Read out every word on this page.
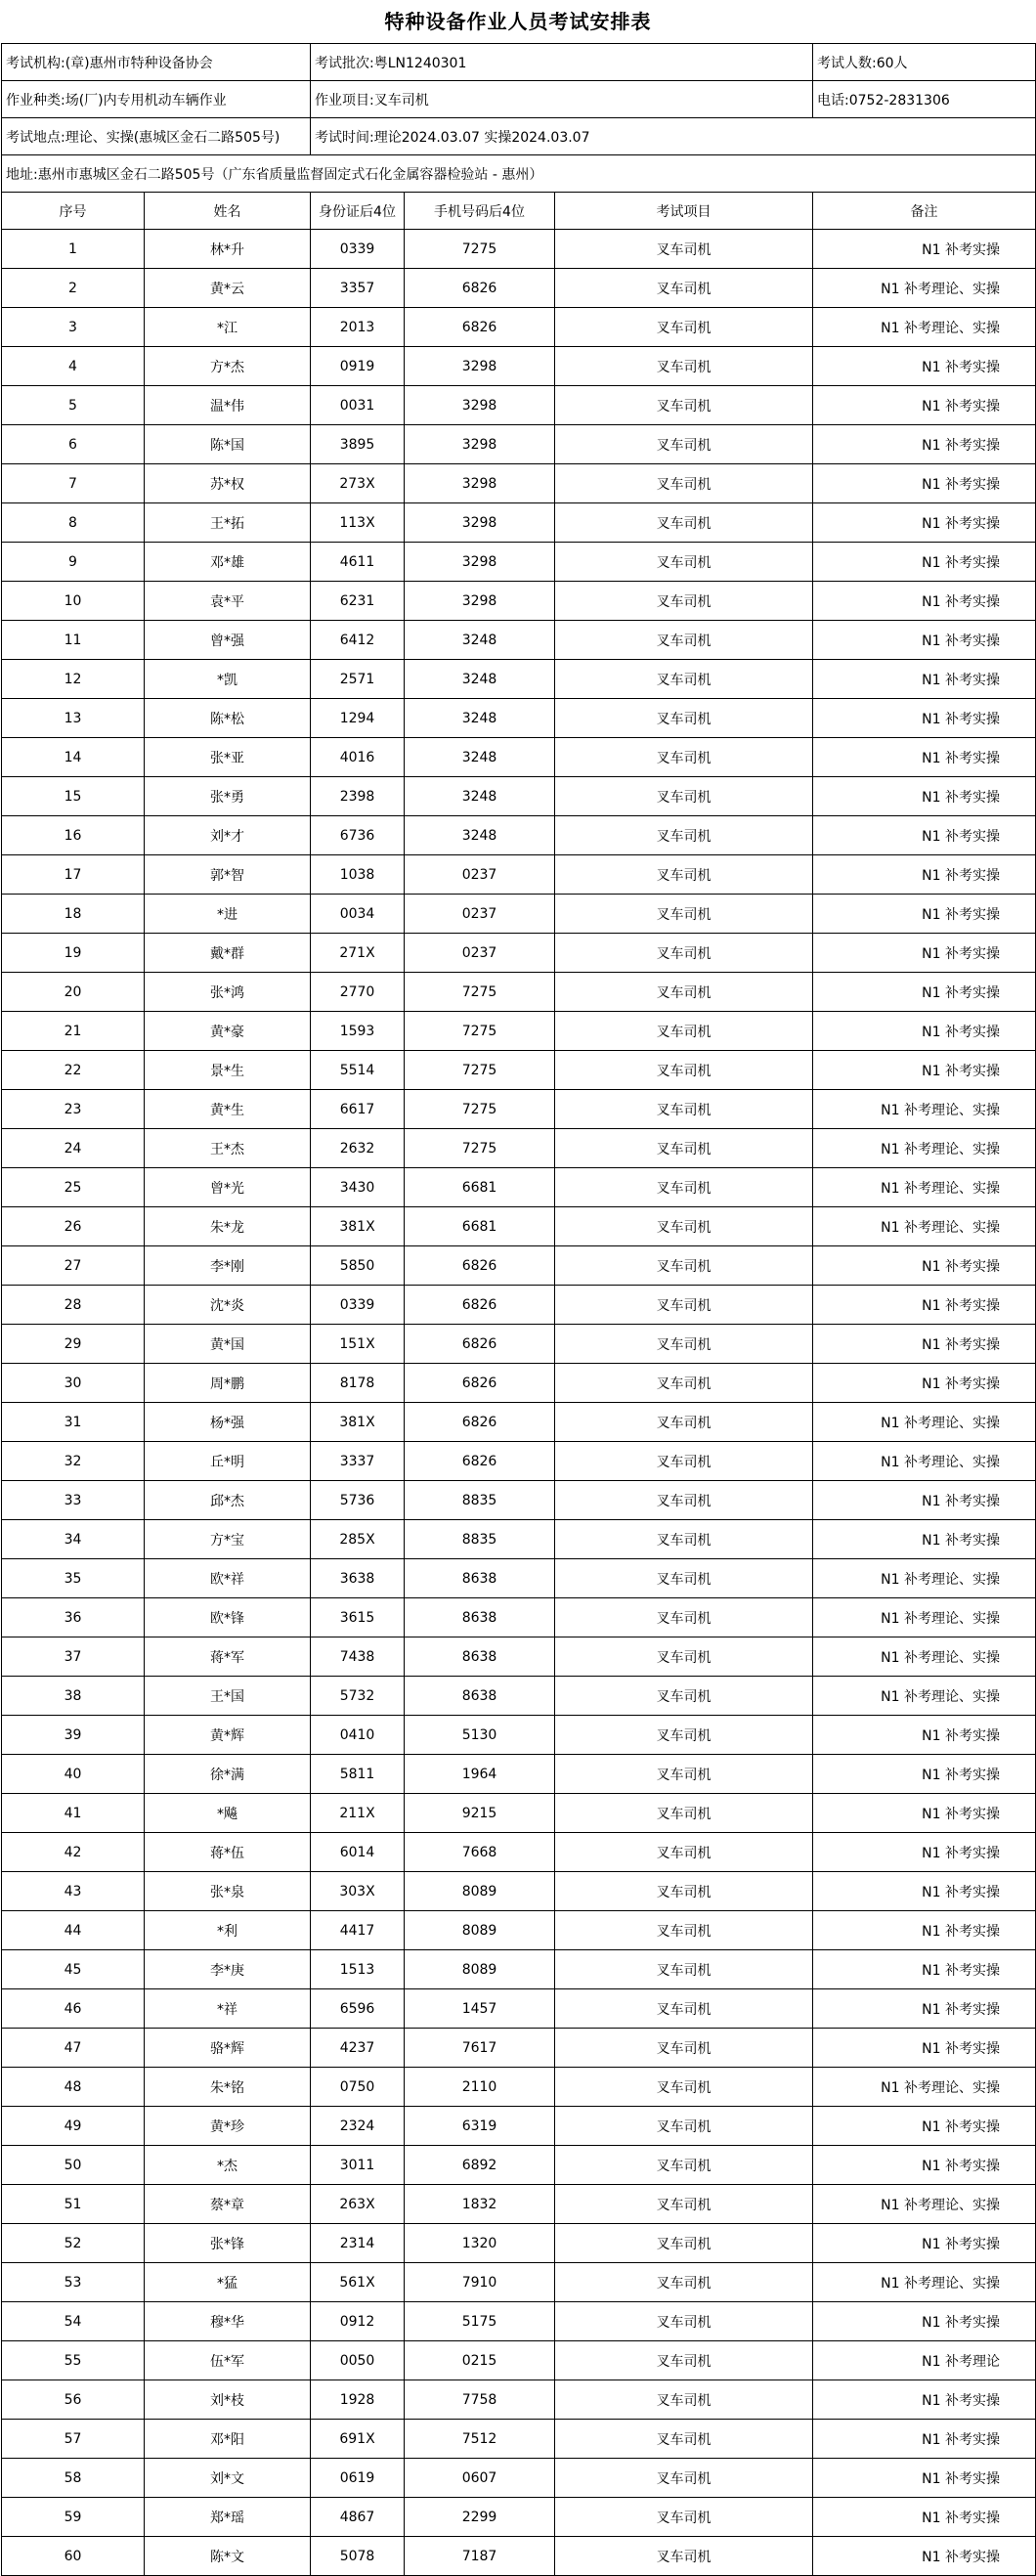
特种设备作业人员考试安排表
考试机构:(章)惠州市特种设备协会		考试批次:粤LN1240301			考试人数:60人
作业种类:场(厂)内专用机动车辆作业		作业项目:叉车司机			电话:0752-2831306
考试地点:理论、实操(惠城区金石二路505号)		考试时间:理论2024.03.07 实操2024.03.07			
地址:惠州市惠城区金石二路505号（广东省质量监督固定式石化金属容器检验站 - 惠州）					
序号	姓名	身份证后4位	手机号码后4位	考试项目	备注
1	林*升	0339	7275	叉车司机	N1 补考实操
2	黄*云	3357	6826	叉车司机	N1 补考理论、实操
3	*江	2013	6826	叉车司机	N1 补考理论、实操
4	方*杰	0919	3298	叉车司机	N1 补考实操
5	温*伟	0031	3298	叉车司机	N1 补考实操
6	陈*国	3895	3298	叉车司机	N1 补考实操
7	苏*权	273X	3298	叉车司机	N1 补考实操
8	王*拓	113X	3298	叉车司机	N1 补考实操
9	邓*雄	4611	3298	叉车司机	N1 补考实操
10	袁*平	6231	3298	叉车司机	N1 补考实操
11	曾*强	6412	3248	叉车司机	N1 补考实操
12	*凯	2571	3248	叉车司机	N1 补考实操
13	陈*松	1294	3248	叉车司机	N1 补考实操
14	张*亚	4016	3248	叉车司机	N1 补考实操
15	张*勇	2398	3248	叉车司机	N1 补考实操
16	刘*才	6736	3248	叉车司机	N1 补考实操
17	郭*智	1038	0237	叉车司机	N1 补考实操
18	*进	0034	0237	叉车司机	N1 补考实操
19	戴*群	271X	0237	叉车司机	N1 补考实操
20	张*鸿	2770	7275	叉车司机	N1 补考实操
21	黄*豪	1593	7275	叉车司机	N1 补考实操
22	景*生	5514	7275	叉车司机	N1 补考实操
23	黄*生	6617	7275	叉车司机	N1 补考理论、实操
24	王*杰	2632	7275	叉车司机	N1 补考理论、实操
25	曾*光	3430	6681	叉车司机	N1 补考理论、实操
26	朱*龙	381X	6681	叉车司机	N1 补考理论、实操
27	李*刚	5850	6826	叉车司机	N1 补考实操
28	沈*炎	0339	6826	叉车司机	N1 补考实操
29	黄*国	151X	6826	叉车司机	N1 补考实操
30	周*鹏	8178	6826	叉车司机	N1 补考实操
31	杨*强	381X	6826	叉车司机	N1 补考理论、实操
32	丘*明	3337	6826	叉车司机	N1 补考理论、实操
33	邱*杰	5736	8835	叉车司机	N1 补考实操
34	方*宝	285X	8835	叉车司机	N1 补考实操
35	欧*祥	3638	8638	叉车司机	N1 补考理论、实操
36	欧*锋	3615	8638	叉车司机	N1 补考理论、实操
37	蒋*军	7438	8638	叉车司机	N1 补考理论、实操
38	王*国	5732	8638	叉车司机	N1 补考理论、实操
39	黄*辉	0410	5130	叉车司机	N1 补考实操
40	徐*满	5811	1964	叉车司机	N1 补考实操
41	*飚	211X	9215	叉车司机	N1 补考实操
42	蒋*伍	6014	7668	叉车司机	N1 补考实操
43	张*泉	303X	8089	叉车司机	N1 补考实操
44	*利	4417	8089	叉车司机	N1 补考实操
45	李*庚	1513	8089	叉车司机	N1 补考实操
46	*祥	6596	1457	叉车司机	N1 补考实操
47	骆*辉	4237	7617	叉车司机	N1 补考实操
48	朱*铭	0750	2110	叉车司机	N1 补考理论、实操
49	黄*珍	2324	6319	叉车司机	N1 补考实操
50	*杰	3011	6892	叉车司机	N1 补考实操
51	蔡*章	263X	1832	叉车司机	N1 补考理论、实操
52	张*锋	2314	1320	叉车司机	N1 补考实操
53	*猛	561X	7910	叉车司机	N1 补考理论、实操
54	穆*华	0912	5175	叉车司机	N1 补考实操
55	伍*军	0050	0215	叉车司机	N1 补考理论
56	刘*枝	1928	7758	叉车司机	N1 补考实操
57	邓*阳	691X	7512	叉车司机	N1 补考实操
58	刘*文	0619	0607	叉车司机	N1 补考实操
59	郑*瑶	4867	2299	叉车司机	N1 补考实操
60	陈*文	5078	7187	叉车司机	N1 补考实操
